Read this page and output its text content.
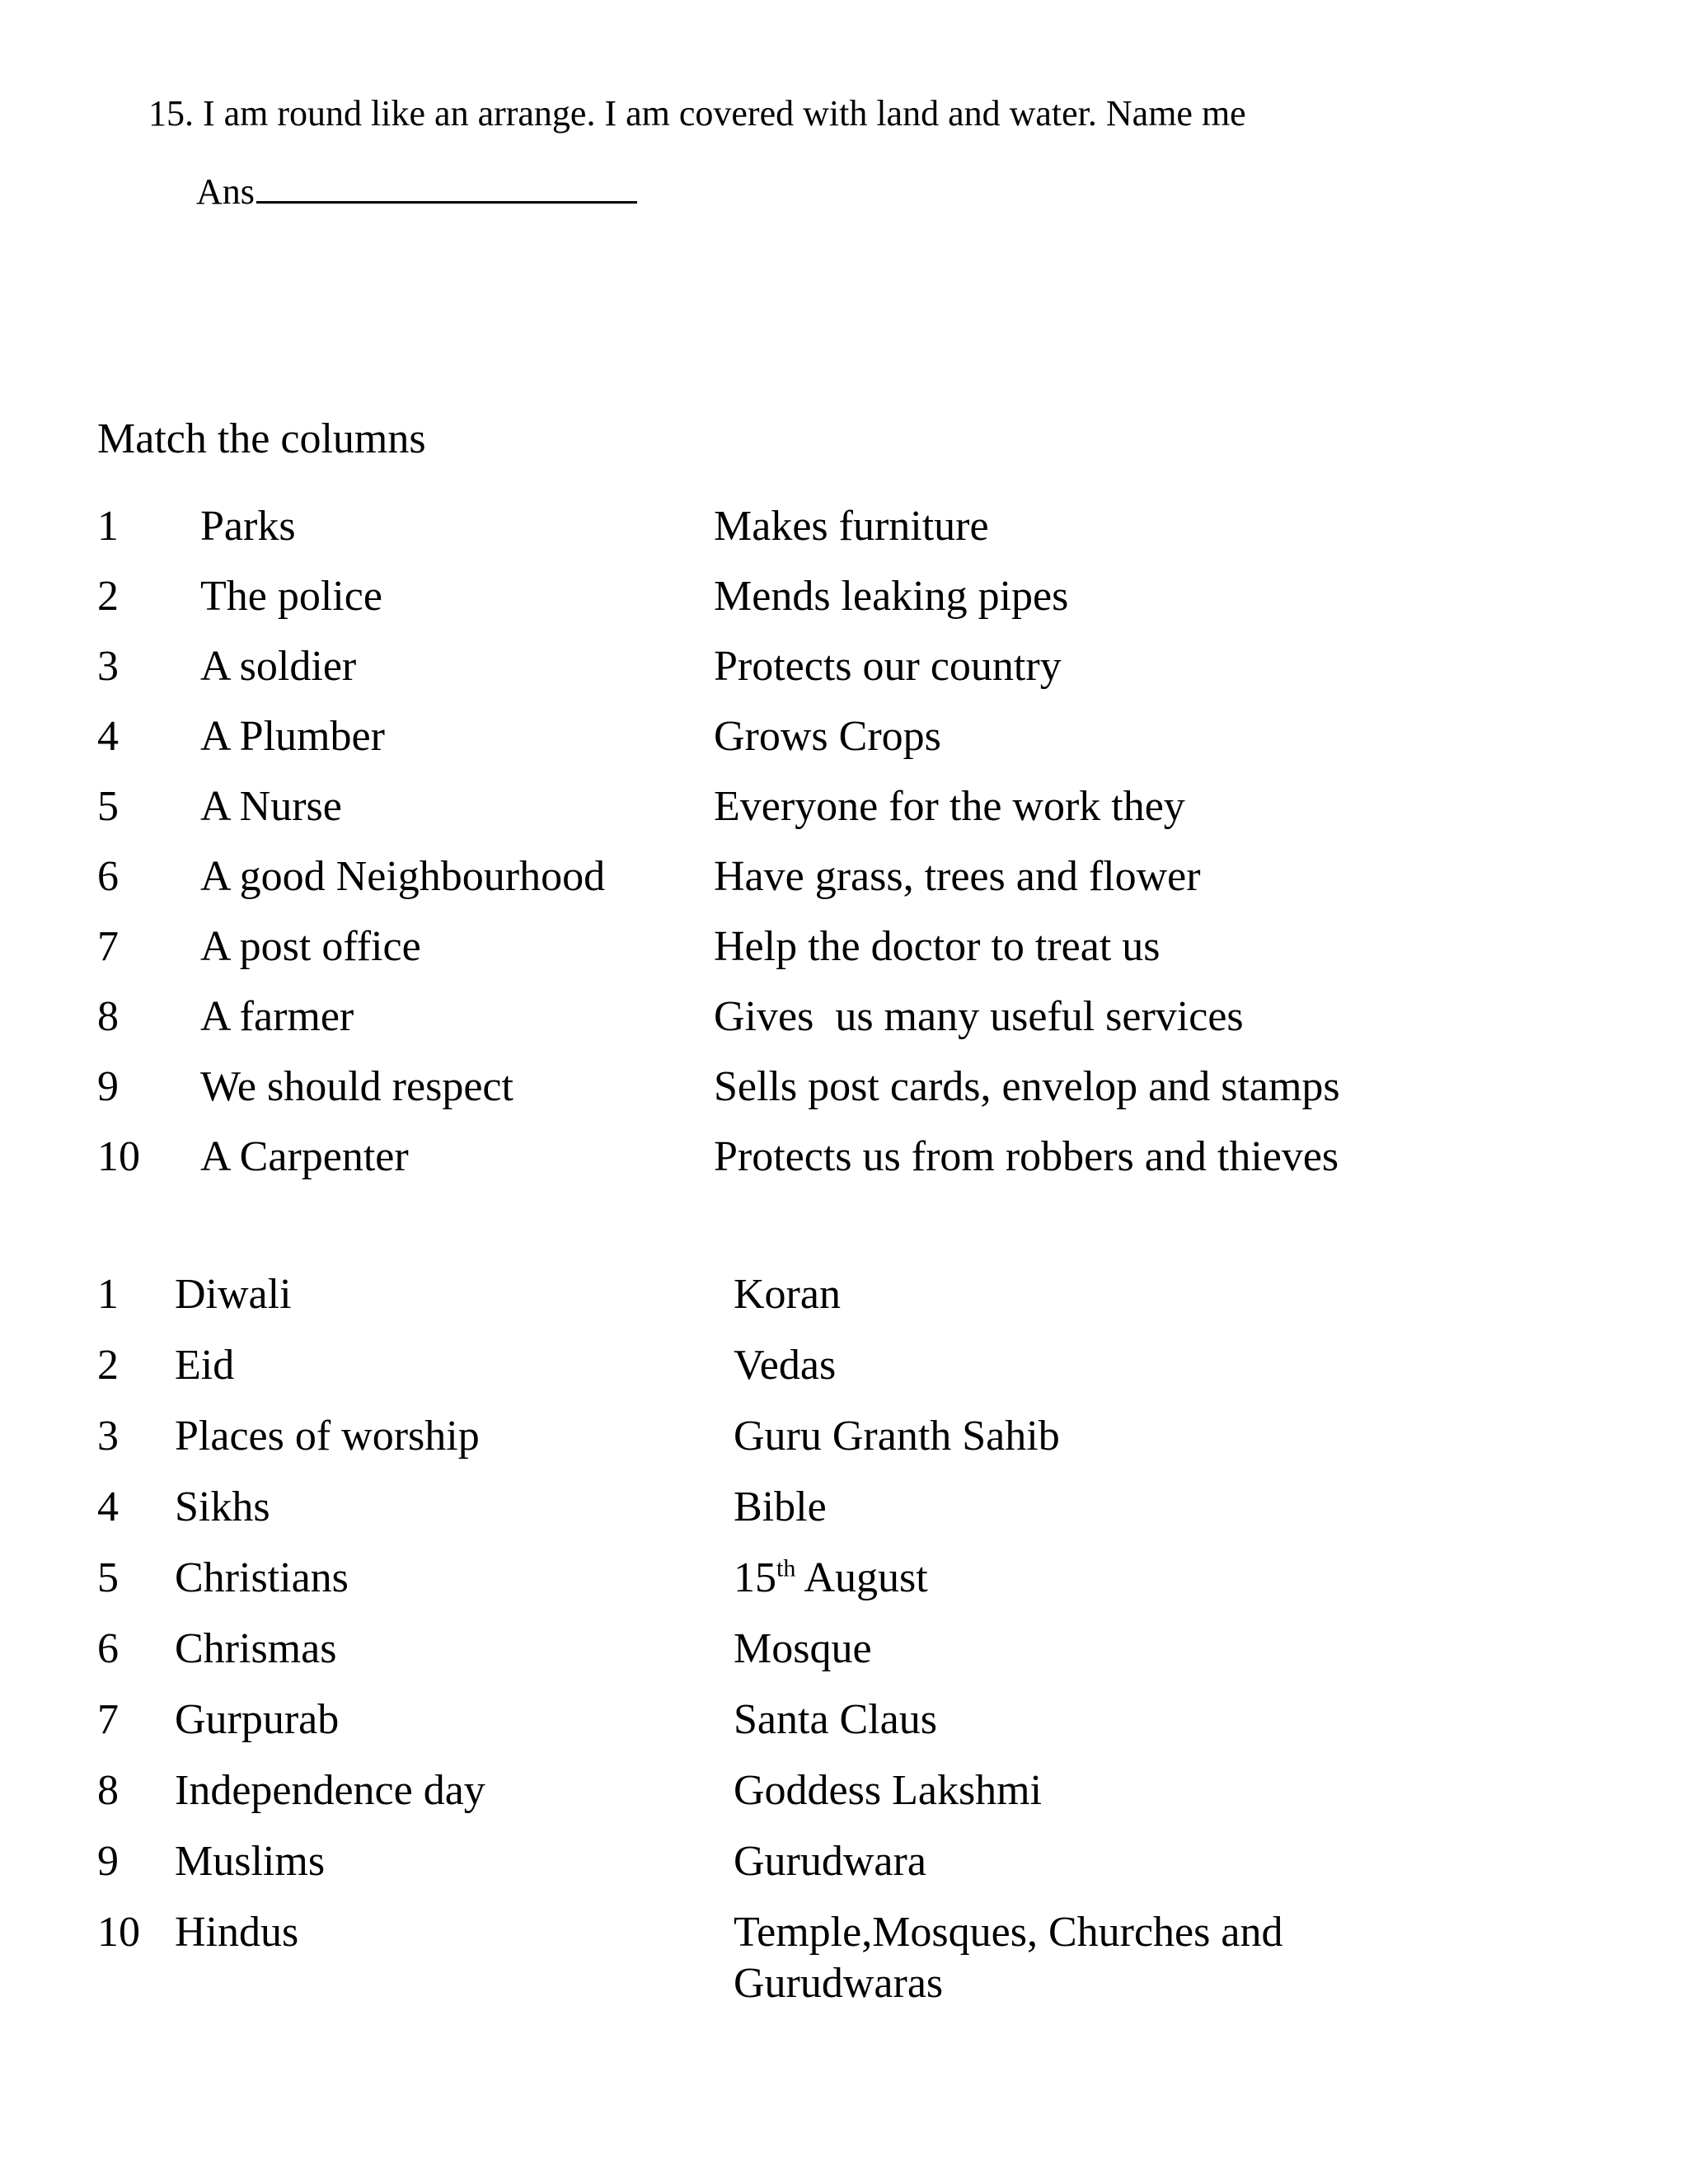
15. I am round like an arrange. I am covered with land and water. Name me
Ans
Match the columns
1 Parks	Makes furniture
2 The police	Mends leaking pipes
3 A soldier	Protects our country
4 A Plumber	Grows Crops
5 A Nurse	Everyone for the work they
6 A good Neighbourhood	Have grass, trees and flower
7 A post office	Help the doctor to treat us
8 A farmer	Gives  us many useful services
9 We should respect	Sells post cards, envelop and stamps
10 A Carpenter	Protects us from robbers and thieves
1 Diwali	Koran
2 Eid	Vedas
3 Places of worship	Guru Granth Sahib
4 Sikhs	Bible
5 Christians	15th August
6 Chrismas	Mosque
7 Gurpurab	Santa Claus
8 Independence day	Goddess Lakshmi
9 Muslims	Gurudwara
10 Hindus	Temple,Mosques, Churches and
Gurudwaras
